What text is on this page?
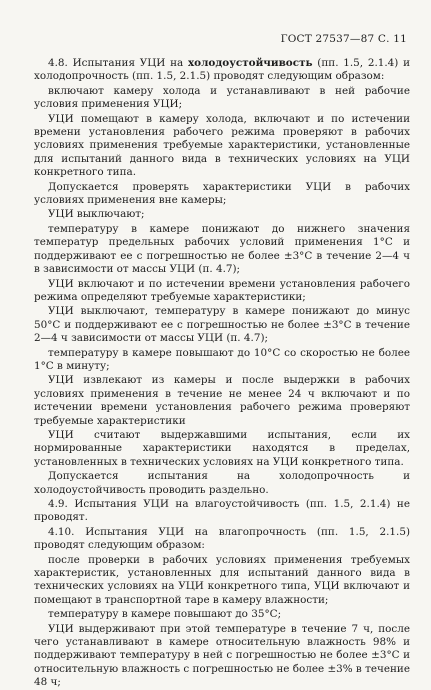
ГОСТ 27537—87 С. 11

4.8. Испытания УЦИ на холодоустойчивость (пп. 1.5, 2.1.4) и холодопрочность (пп. 1.5, 2.1.5) проводят следующим образом:

включают камеру холода и устанавливают в ней рабочие условия применения УЦИ;

УЦИ помещают в камеру холода, включают и по истечении времени установления рабочего режима проверяют в рабочих условиях применения требуемые характеристики, установленные для испытаний данного вида в технических условиях на УЦИ конкретного типа.

Допускается проверять характеристики УЦИ в рабочих условиях применения вне камеры;

УЦИ выключают;

температуру в камере понижают до нижнего значения температур предельных рабочих условий применения 1°С и поддерживают ее с погрешностью не более ±3°С в течение 2—4 ч в зависимости от массы УЦИ (п. 4.7);

УЦИ включают и по истечении времени установления рабочего режима определяют требуемые характеристики;

УЦИ выключают, температуру в камере понижают до минус 50°С и поддерживают ее с погрешностью не более ±3°С в течение 2—4 ч зависимости от массы УЦИ (п. 4.7);

температуру в камере повышают до 10°С со скоростью не более 1°С в минуту;

УЦИ извлекают из камеры и после выдержки в рабочих условиях применения в течение не менее 24 ч включают и по истечении времени установления рабочего режима проверяют требуемые характеристики

УЦИ считают выдержавшими испытания, если их нормированные характеристики находятся в пределах, установленных в технических условиях на УЦИ конкретного типа.

Допускается испытания на холодопрочность и холодоустойчивость проводить раздельно.

4.9. Испытания УЦИ на влагоустойчивость (пп. 1.5, 2.1.4) не проводят.

4.10. Испытания УЦИ на влагопрочность (пп. 1.5, 2.1.5) проводят следующим образом:

после проверки в рабочих условиях применения требуемых характеристик, установленных для испытаний данного вида в технических условиях на УЦИ конкретного типа, УЦИ включают и помещают в транспортной таре в камеру влажности;

температуру в камере повышают до 35°С;

УЦИ выдерживают при этой температуре в течение 7 ч, после чего устанавливают в камере относительную влажность 98% и поддерживают температуру в ней с погрешностью не более ±3°С и относительную влажность с погрешностью не более ±3% в течение 48 ч;
